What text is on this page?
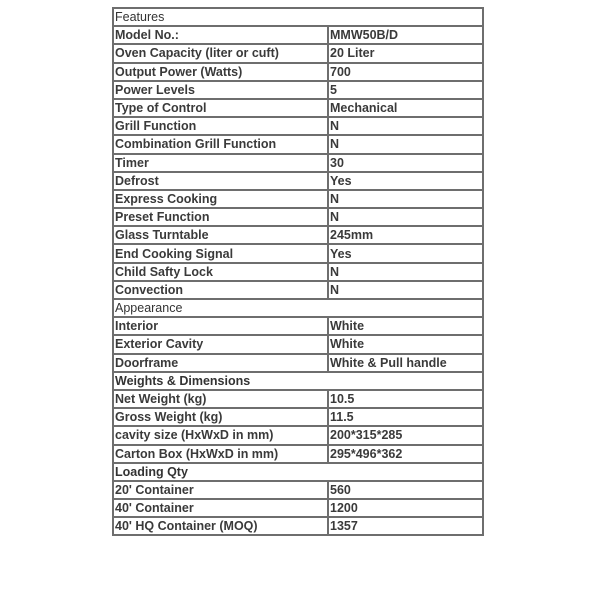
Features	
Model No.:	MMW50B/D
Oven Capacity (liter or cuft)	20 Liter
Output Power (Watts)	700
Power Levels	5
Type of Control	Mechanical
Grill Function	N
Combination Grill Function	N
Timer	30
Defrost	Yes
Express Cooking	N
Preset Function	N
Glass Turntable	245mm
End Cooking Signal	Yes
Child Safty Lock	N
Convection	N
Appearance	
Interior	White
Exterior Cavity	White
Doorframe	White & Pull handle
Weights & Dimensions	
Net Weight (kg)	10.5
Gross Weight (kg)	11.5
cavity size (HxWxD in mm)	200*315*285
Carton Box (HxWxD in mm)	295*496*362
Loading Qty	
20' Container	560
40' Container	1200
40' HQ Container (MOQ)	1357
